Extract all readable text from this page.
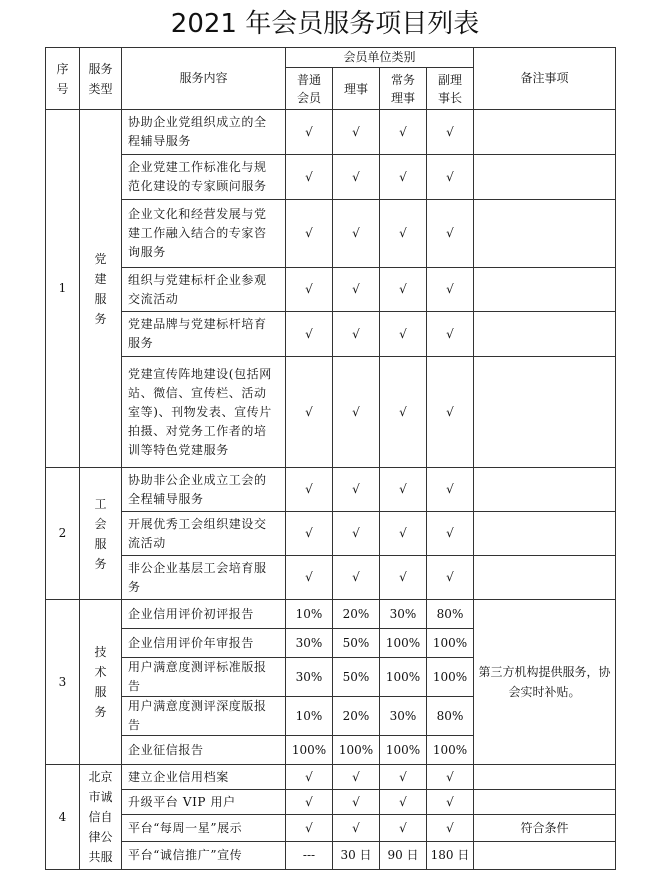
2021 年会员服务项目列表
序号	服务类型	服务内容	会员单位类别				备注事项
			普通会员	理事	常务理事	副理事长	
1	党建服务	协助企业党组织成立的全程辅导服务	√	√	√	√	
		企业党建工作标准化与规范化建设的专家顾问服务	√	√	√	√	
		企业文化和经营发展与党建工作融入结合的专家咨询服务	√	√	√	√	
		组织与党建标杆企业参观交流活动	√	√	√	√	
		党建品牌与党建标杆培育服务	√	√	√	√	
		党建宣传阵地建设(包括网站、微信、宣传栏、活动室等)、刊物发表、宣传片拍摄、对党务工作者的培训等特色党建服务	√	√	√	√	
2	工会服务	协助非公企业成立工会的全程辅导服务	√	√	√	√	
		开展优秀工会组织建设交流活动	√	√	√	√	
		非公企业基层工会培育服务	√	√	√	√	
3	技术服务	企业信用评价初评报告	10%	20%	30%	80%	第三方机构提供服务，协会实时补贴。
		企业信用评价年审报告	30%	50%	100%	100%	
		用户满意度测评标准版报告	30%	50%	100%	100%	
		用户满意度测评深度版报告	10%	20%	30%	80%	
		企业征信报告	100%	100%	100%	100%	
4	北京市诚信自律公共服	建立企业信用档案	√	√	√	√	
		升级平台 VIP 用户	√	√	√	√	
		平台“每周一星”展示	√	√	√	√	符合条件
		平台“诚信推广”宣传	---	30 日	90 日	180 日	
